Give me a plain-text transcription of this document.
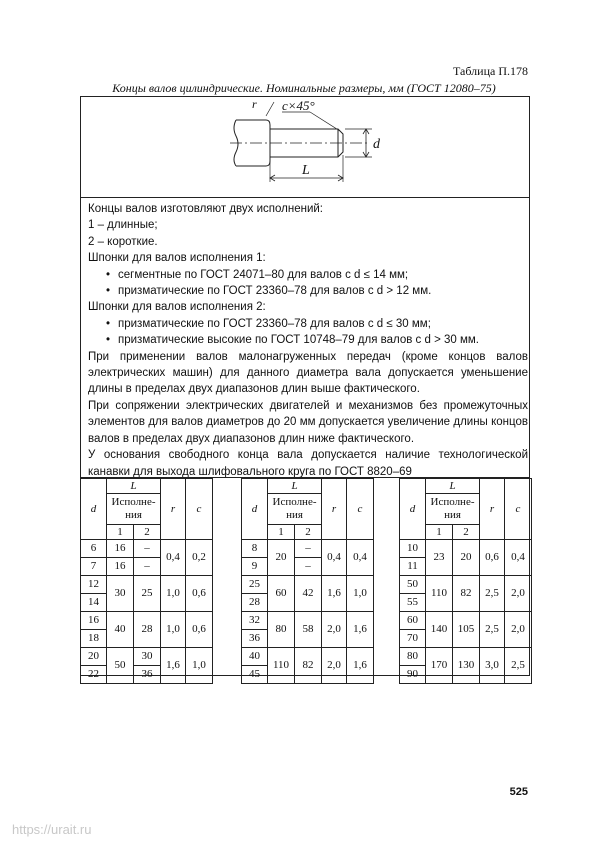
Таблица П.178
Концы валов цилиндрические. Номинальные размеры, мм (ГОСТ 12080–75)
c×45°
r
d
L

Концы валов изготовляют двух исполнений:

1 – длинные;

2 – короткие.

Шпонки для валов исполнения 1:

• сегментные по ГОСТ 24071–80 для валов с d ≤ 14 мм;

• призматические по ГОСТ 23360–78 для валов с d > 12 мм.

Шпонки для валов исполнения 2:

• призматические по ГОСТ 23360–78 для валов с d ≤ 30 мм;

• призматические высокие по ГОСТ 10748–79 для валов с d > 30 мм.

При применении валов малонагруженных передач (кроме концов валов электрических машин) для данного диаметра вала допускается уменьшение длины в пределах двух диапазонов длин выше фактического.

При сопряжении электрических двигателей и механизмов без промежуточных элементов для валов диаметров до 20 мм допускается увеличение длины концов валов в пределах двух диапазонов длин ниже фактического.

У основания свободного конца вала допускается наличие технологической канавки для выхода шлифовального круга по ГОСТ 8820–69

d	L		r	c
	Исполне-ния			
	1	2		
6	16	–	0,4	0,2
7	16	–		
12	30	25	1,0	0,6
14				
16	40	28	1,0	0,6
18				
20	50	30	1,6	1,0
22		36		
d	L		r	c
	Исполне-ния			
	1	2		
8	20	–	0,4	0,4
9		–		
25	60	42	1,6	1,0
28				
32	80	58	2,0	1,6
36				
40	110	82	2,0	1,6
45				
d	L		r	c
	Исполне-ния			
	1	2		
10	23	20	0,6	0,4
11				
50	110	82	2,5	2,0
55				
60	140	105	2,5	2,0
70				
80	170	130	3,0	2,5
90				
525
https://urait.ru
